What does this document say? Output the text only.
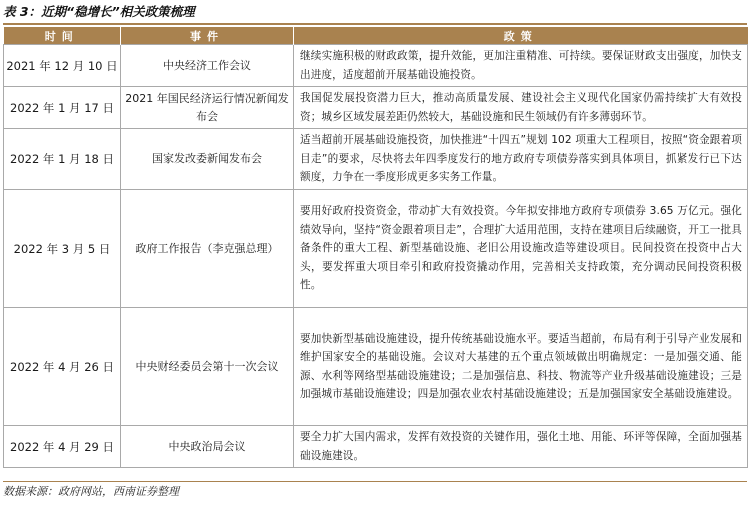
表 3：近期“稳增长”相关政策梳理
时间	事件	政策
2021 年 12 月 10 日	中央经济工作会议	继续实施积极的财政政策，提升效能，更加注重精准、可持续。要保证财政支出强度，加快支出进度，适度超前开展基础设施投资。
2022 年 1 月 17 日	2021 年国民经济运行情况新闻发布会	我国促发展投资潜力巨大，推动高质量发展、建设社会主义现代化国家仍需持续扩大有效投资；城乡区域发展差距仍然较大，基础设施和民生领域仍有许多薄弱环节。
2022 年 1 月 18 日	国家发改委新闻发布会	适当超前开展基础设施投资，加快推进“十四五”规划 102 项重大工程项目，按照“资金跟着项目走”的要求，尽快将去年四季度发行的地方政府专项债券落实到具体项目，抓紧发行已下达额度，力争在一季度形成更多实务工作量。
2022 年 3 月 5 日	政府工作报告（李克强总理）	要用好政府投资资金，带动扩大有效投资。今年拟安排地方政府专项债券 3.65 万亿元。强化绩效导向，坚持“资金跟着项目走”，合理扩大适用范围，支持在建项目后续融资，开工一批具备条件的重大工程、新型基础设施、老旧公用设施改造等建设项目。民间投资在投资中占大头，要发挥重大项目牵引和政府投资撬动作用，完善相关支持政策，充分调动民间投资积极性。
2022 年 4 月 26 日	中央财经委员会第十一次会议	要加快新型基础设施建设，提升传统基础设施水平。要适当超前，布局有利于引导产业发展和维护国家安全的基础设施。会议对大基建的五个重点领域做出明确规定：一是加强交通、能源、水利等网络型基础设施建设；二是加强信息、科技、物流等产业升级基础设施建设；三是加强城市基础设施建设；四是加强农业农村基础设施建设；五是加强国家安全基础设施建设。
2022 年 4 月 29 日	中央政治局会议	要全力扩大国内需求，发挥有效投资的关键作用，强化土地、用能、环评等保障，全面加强基础设施建设。
数据来源：政府网站，西南证券整理
